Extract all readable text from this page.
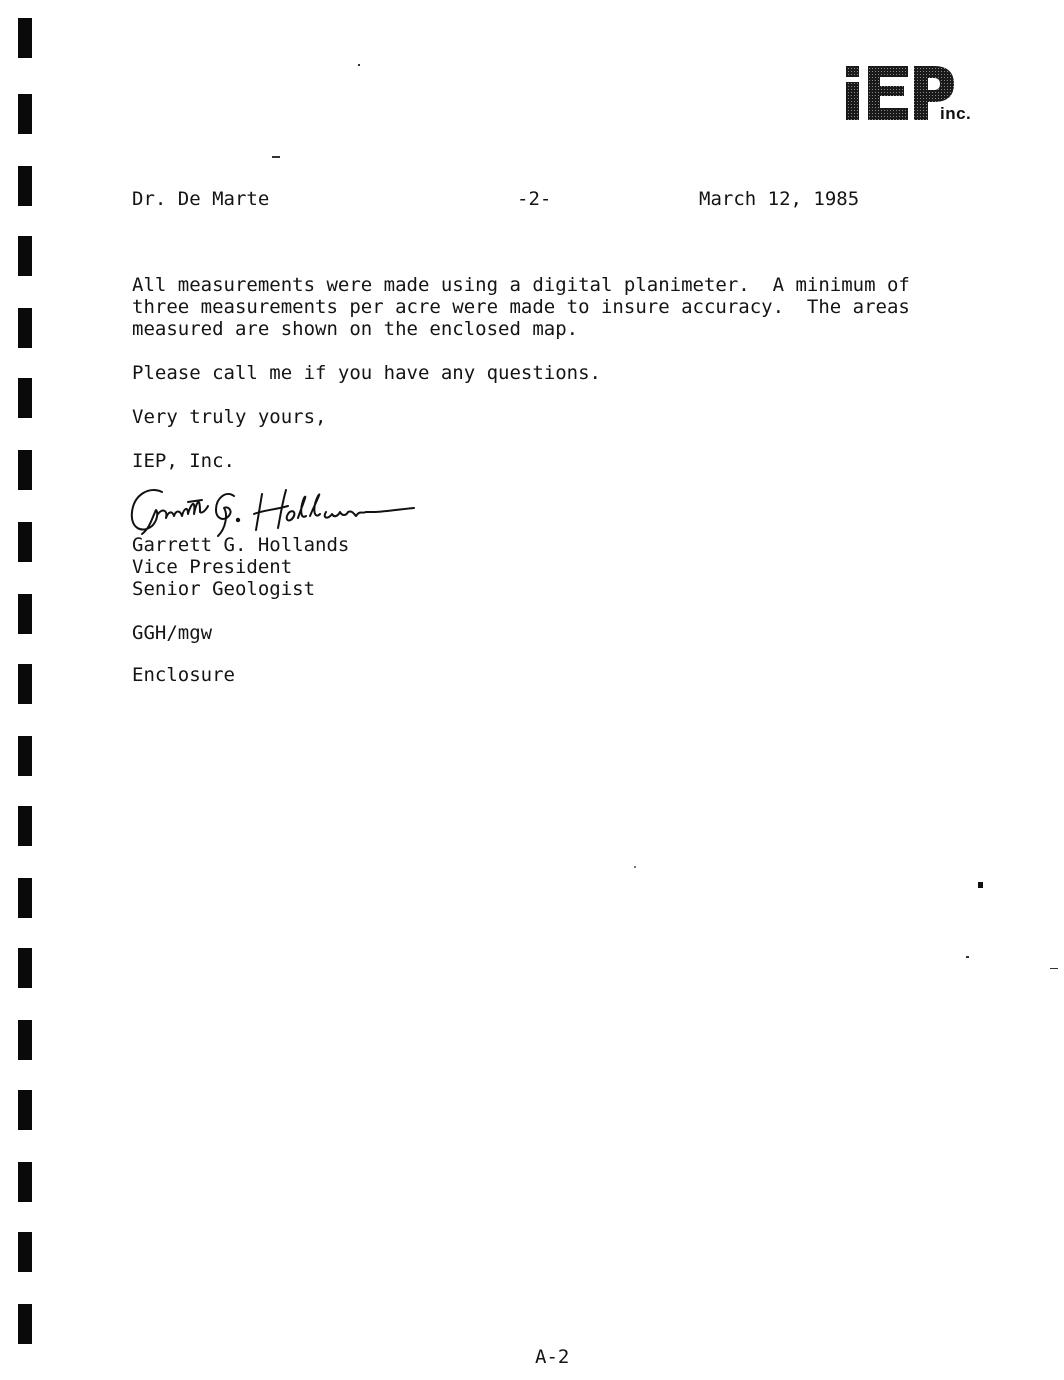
inc.
Dr. De Marte	-2-	March 12, 1985
All measurements were made using a digital planimeter.  A minimum of
three measurements per acre were made to insure accuracy.  The areas
measured are shown on the enclosed map.
Please call me if you have any questions.
Very truly yours,
IEP, Inc.
Garrett G. Hollands
Vice President
Senior Geologist
GGH/mgw
Enclosure
A-2
